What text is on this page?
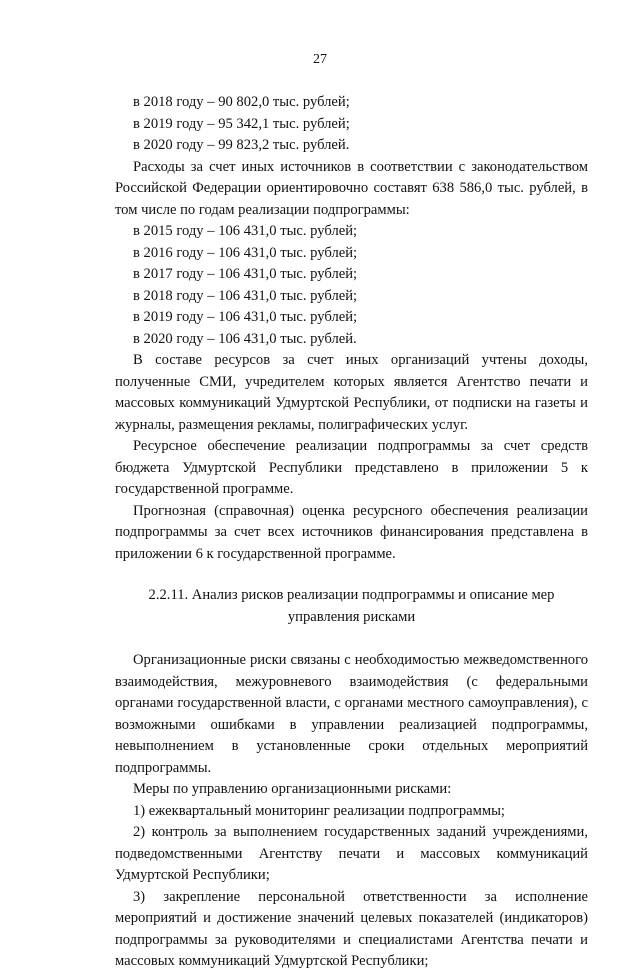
27

в 2018 году – 90 802,0 тыс. рублей;

в 2019 году – 95 342,1 тыс. рублей;

в 2020 году – 99 823,2 тыс. рублей.

Расходы за счет иных источников в соответствии с законодательством Российской Федерации ориентировочно составят 638 586,0 тыс. рублей, в том числе по годам реализации подпрограммы:

в 2015 году – 106 431,0 тыс. рублей;

в 2016 году – 106 431,0 тыс. рублей;

в 2017 году – 106 431,0 тыс. рублей;

в 2018 году – 106 431,0 тыс. рублей;

в 2019 году – 106 431,0 тыс. рублей;

в 2020 году – 106 431,0 тыс. рублей.

В составе ресурсов за счет иных организаций учтены доходы, полученные СМИ, учредителем которых является Агентство печати и массовых коммуникаций Удмуртской Республики, от подписки на газеты и журналы, размещения рекламы, полиграфических услуг.

Ресурсное обеспечение реализации подпрограммы за счет средств бюджета Удмуртской Республики представлено в приложении 5 к государственной программе.

Прогнозная (справочная) оценка ресурсного обеспечения реализации подпрограммы за счет всех источников финансирования представлена в приложении 6 к государственной программе.

2.2.11. Анализ рисков реализации подпрограммы и описание мер
управления рисками

Организационные риски связаны с необходимостью межведомственного взаимодействия, межуровневого взаимодействия (с федеральными органами государственной власти, с органами местного самоуправления), с возможными ошибками в управлении реализацией подпрограммы, невыполнением в установленные сроки отдельных мероприятий подпрограммы.

Меры по управлению организационными рисками:

1) ежеквартальный мониторинг реализации подпрограммы;

2) контроль за выполнением государственных заданий учреждениями, подведомственными Агентству печати и массовых коммуникаций Удмуртской Республики;

3) закрепление персональной ответственности за исполнение мероприятий и достижение значений целевых показателей (индикаторов) подпрограммы за руководителями и специалистами Агентства печати и массовых коммуникаций Удмуртской Республики;
